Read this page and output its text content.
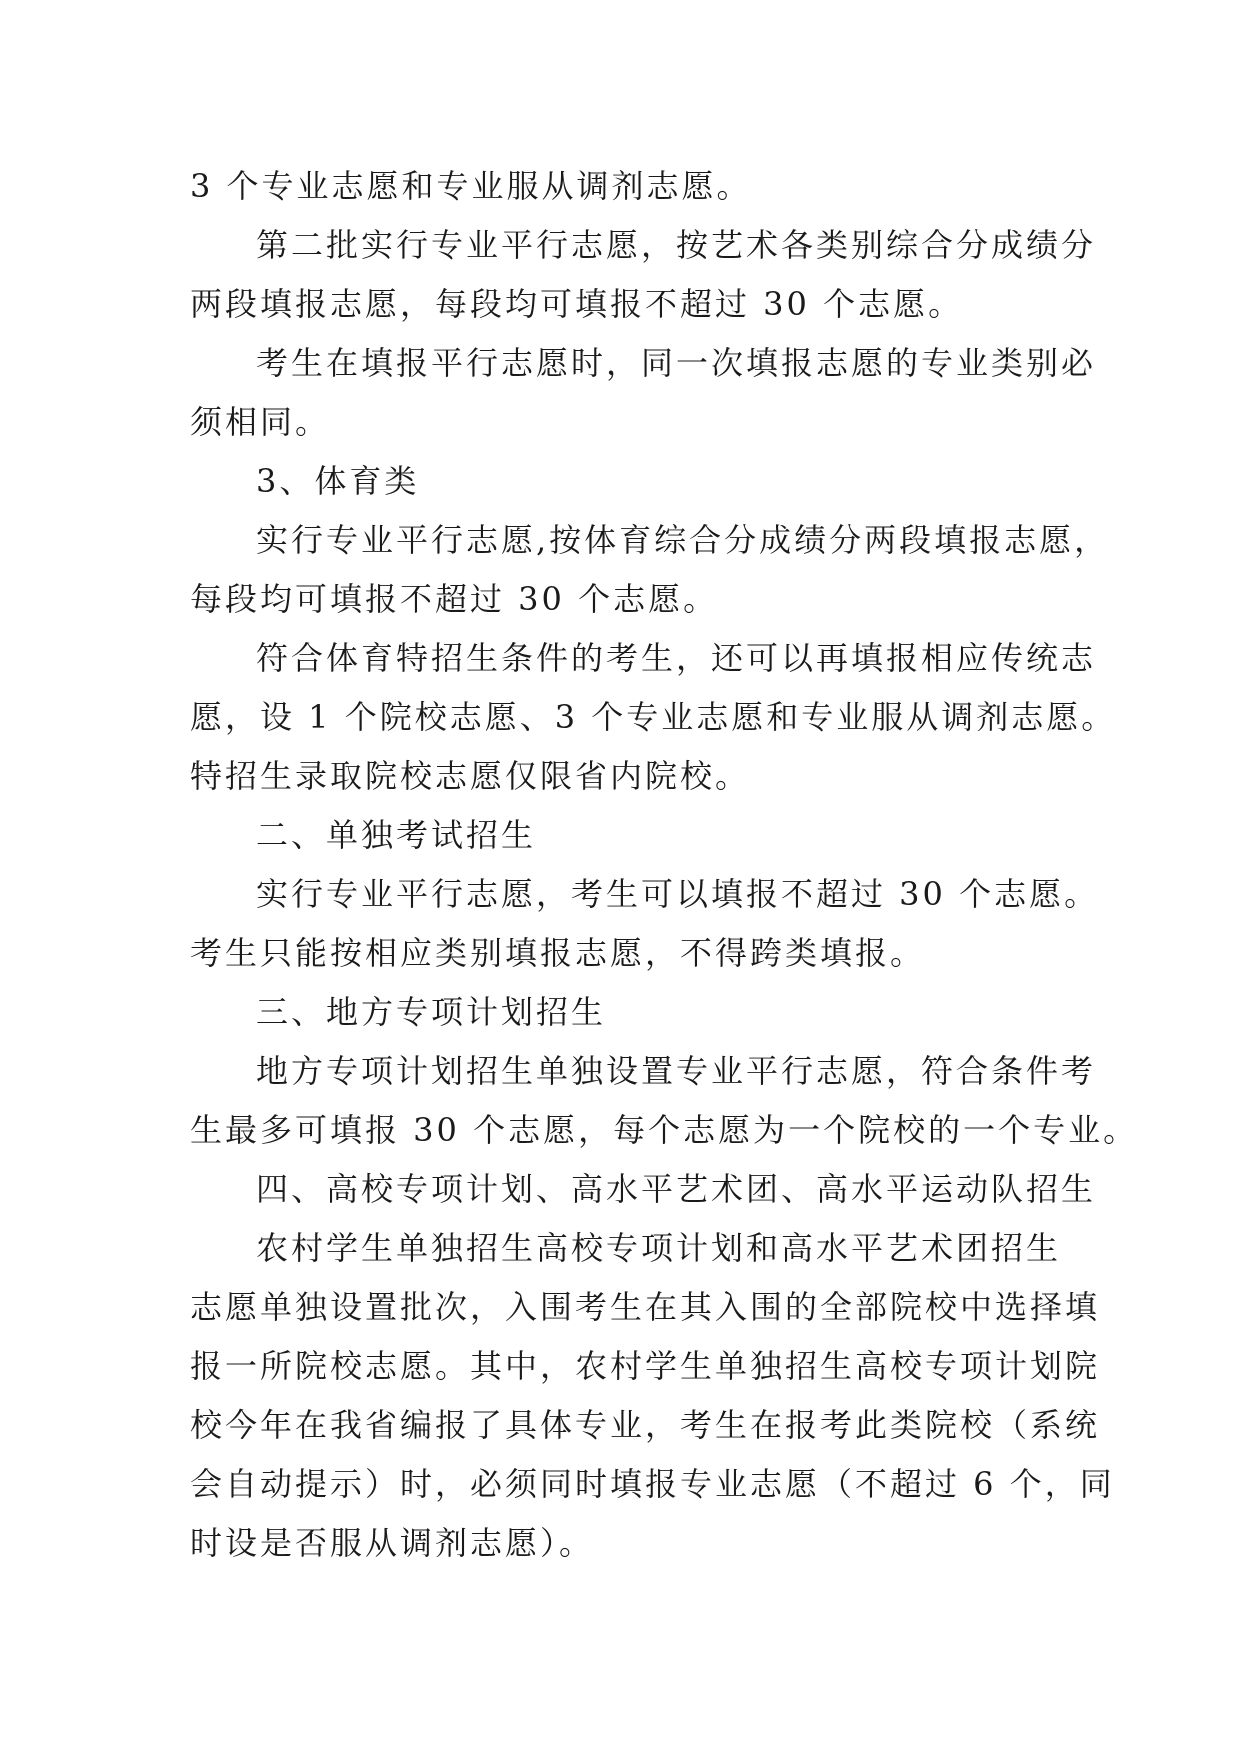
3 个专业志愿和专业服从调剂志愿。
第二批实行专业平行志愿，按艺术各类别综合分成绩分
两段填报志愿，每段均可填报不超过 30 个志愿。
考生在填报平行志愿时，同一次填报志愿的专业类别必
须相同。
3、体育类
实行专业平行志愿,按体育综合分成绩分两段填报志愿，
每段均可填报不超过 30 个志愿。
符合体育特招生条件的考生，还可以再填报相应传统志
愿，设 1 个院校志愿、3 个专业志愿和专业服从调剂志愿。
特招生录取院校志愿仅限省内院校。
二、单独考试招生
实行专业平行志愿，考生可以填报不超过 30 个志愿。
考生只能按相应类别填报志愿，不得跨类填报。
三、地方专项计划招生
地方专项计划招生单独设置专业平行志愿，符合条件考
生最多可填报 30 个志愿，每个志愿为一个院校的一个专业。
四、高校专项计划、高水平艺术团、高水平运动队招生
农村学生单独招生高校专项计划和高水平艺术团招生
志愿单独设置批次，入围考生在其入围的全部院校中选择填
报一所院校志愿。其中，农村学生单独招生高校专项计划院
校今年在我省编报了具体专业，考生在报考此类院校（系统
会自动提示）时，必须同时填报专业志愿（不超过 6 个，同
时设是否服从调剂志愿）。
